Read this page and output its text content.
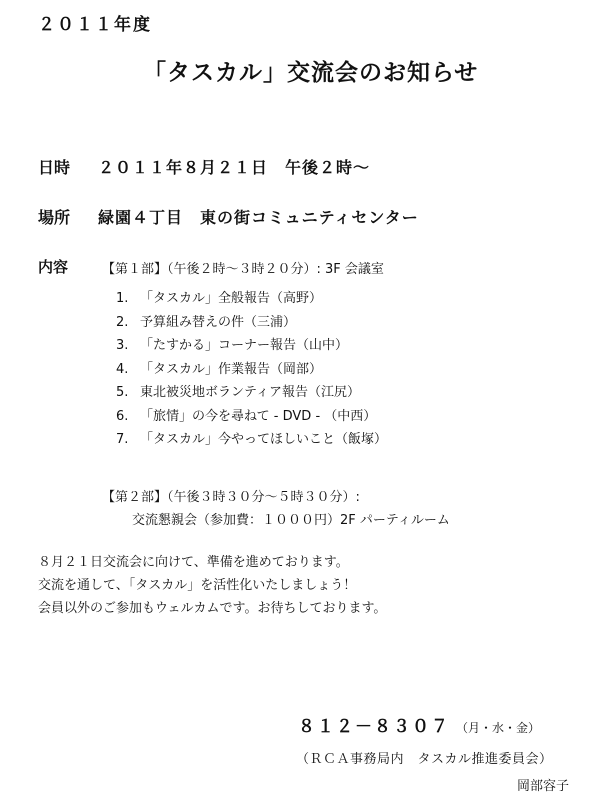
２０１１年度
「タスカル」交流会のお知らせ
日時 ２０１１年８月２１日　午後２時～
場所 緑園４丁目　東の街コミュニティセンター
内容	【第１部】（午後２時～３時２０分）: 3F 会議室
1. 「タスカル」全般報告（高野）
2. 予算組み替えの件（三浦）
3. 「たすかる」コーナー報告（山中）
4. 「タスカル」作業報告（岡部）
5. 東北被災地ボランティア報告（江尻）
6. 「旅情」の今を尋ねて - DVD - （中西）
7. 「タスカル」今やってほしいこと（飯塚）
【第２部】（午後３時３０分～５時３０分）:
交流懇親会（参加費：１０００円）2F パーティルーム
８月２１日交流会に向けて、準備を進めております。
交流を通して、「タスカル」を活性化いたしましょう！
会員以外のご参加もウェルカムです。お待ちしております。
８１２－８３０７ （月・水・金）
（ＲＣＡ事務局内　タスカル推進委員会）
岡部容子
